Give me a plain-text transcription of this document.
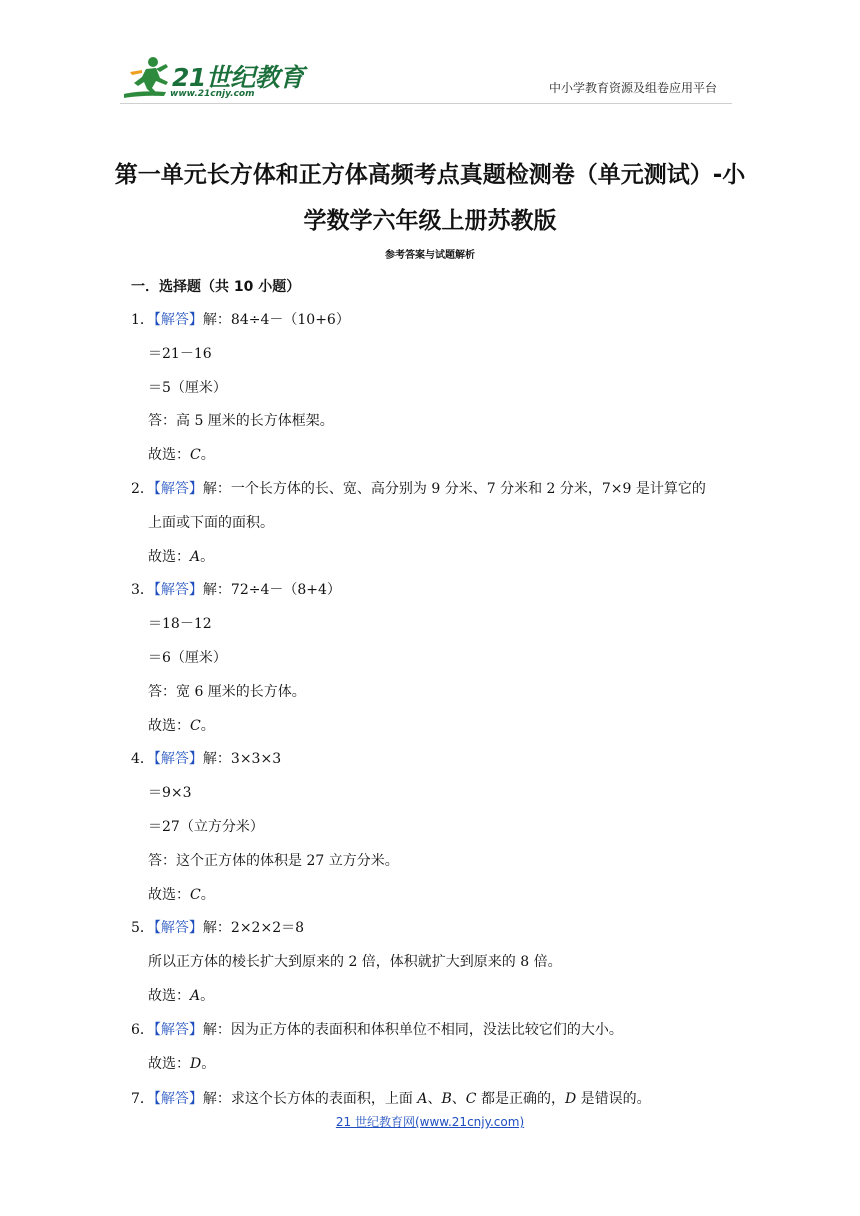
21世纪教育
www.21cnjy.com	中小学教育资源及组卷应用平台
第一单元长方体和正方体高频考点真题检测卷（单元测试）-小
学数学六年级上册苏教版
参考答案与试题解析
一．选择题（共 10 小题）
1．【解答】解：84÷4－（10+6）
＝21－16
＝5（厘米）
答：高 5 厘米的长方体框架。
故选：C。
2．【解答】解：一个长方体的长、宽、高分别为 9 分米、7 分米和 2 分米，7×9 是计算它的
上面或下面的面积。
故选：A。
3．【解答】解：72÷4－（8+4）
＝18－12
＝6（厘米）
答：宽 6 厘米的长方体。
故选：C。
4．【解答】解：3×3×3
＝9×3
＝27（立方分米）
答：这个正方体的体积是 27 立方分米。
故选：C。
5．【解答】解：2×2×2＝8
所以正方体的棱长扩大到原来的 2 倍，体积就扩大到原来的 8 倍。
故选：A。
6．【解答】解：因为正方体的表面积和体积单位不相同，没法比较它们的大小。
故选：D。
7．【解答】解：求这个长方体的表面积，上面 A、B、C 都是正确的，D 是错误的。
21 世纪教育网(www.21cnjy.com)
